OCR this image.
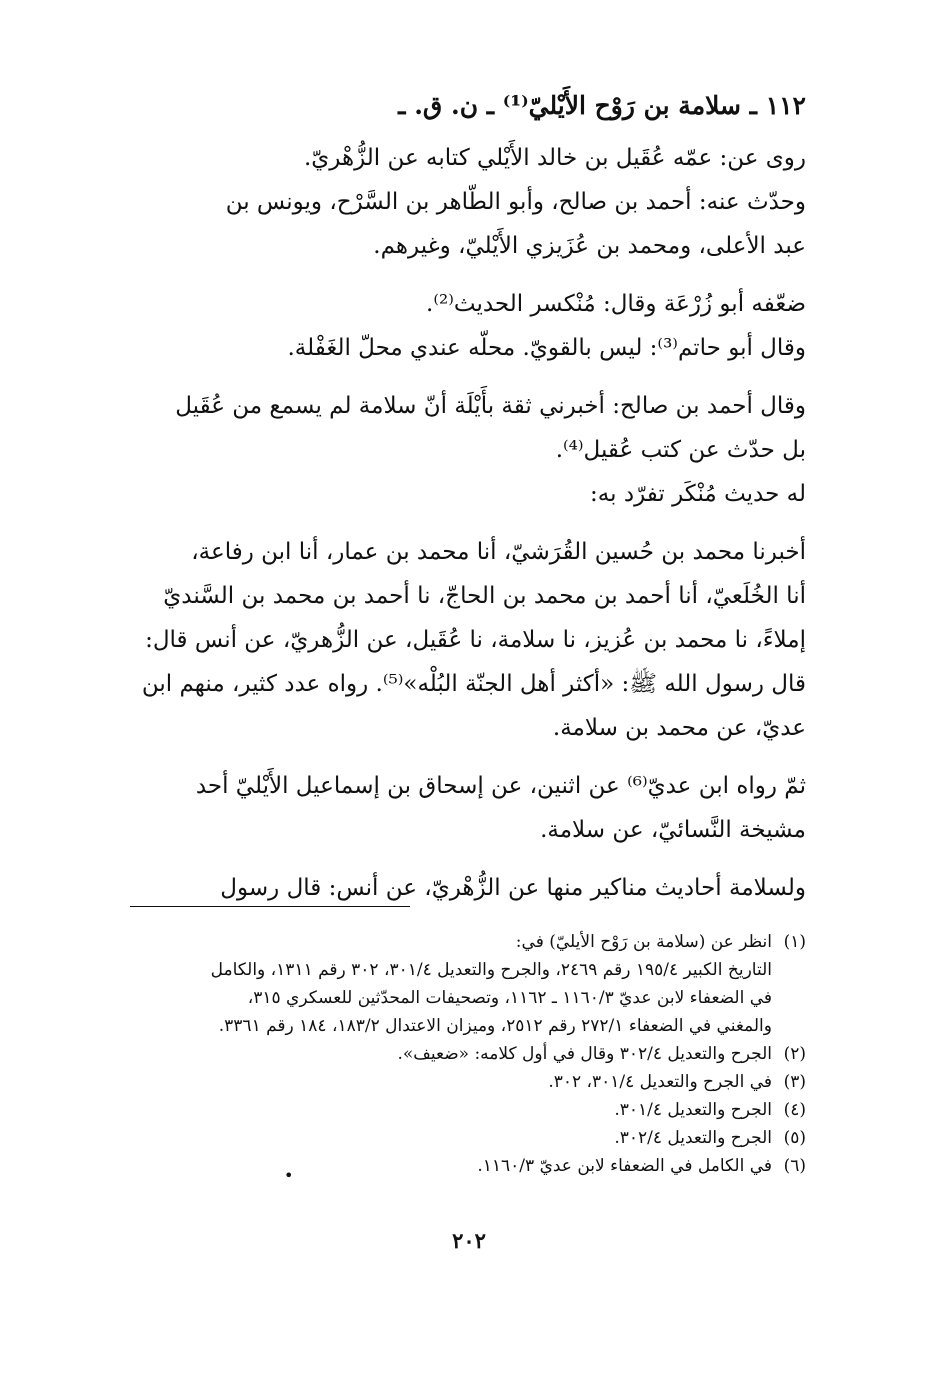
١١٢ ـ سلامة بن رَوْح الأَيْليّ⁽¹⁾ ـ ن. ق. ـ

روى عن: عمّه عُقَيل بن خالد الأَيْلي كتابه عن الزُّهْريّ.
وحدّث عنه: أحمد بن صالح، وأبو الطّاهر بن السَّرْح، ويونس بن
عبد الأعلى، ومحمد بن عُزَيزي الأَيْليّ، وغيرهم.
ضعّفه أبو زُرْعَة وقال: مُنْكسر الحديث⁽²⁾.
وقال أبو حاتم⁽³⁾: ليس بالقويّ. محلّه عندي محلّ الغَفْلة.
وقال أحمد بن صالح: أخبرني ثقة بأَيْلَة أنّ سلامة لم يسمع من عُقَيل
بل حدّث عن كتب عُقيل⁽⁴⁾.
له حديث مُنْكَر تفرّد به:
أخبرنا محمد بن حُسين القُرَشيّ، أنا محمد بن عمار، أنا ابن رفاعة،
أنا الخُلَعيّ، أنا أحمد بن محمد بن الحاجّ، نا أحمد بن محمد بن السَّنديّ
إملاءً، نا محمد بن عُزيز، نا سلامة، نا عُقَيل، عن الزُّهريّ، عن أنس قال:
قال رسول الله ﷺ: «أكثر أهل الجنّة البُلْه»⁽⁵⁾. رواه عدد كثير، منهم ابن
عديّ، عن محمد بن سلامة.
ثمّ رواه ابن عديّ⁽⁶⁾ عن اثنين، عن إسحاق بن إسماعيل الأَيْليّ أحد
مشيخة النَّسائيّ، عن سلامة.
ولسلامة أحاديث مناكير منها عن الزُّهْريّ، عن أنس: قال رسول
(١)

انظر عن (سلامة بن رَوْح الأيليّ) في:

التاريخ الكبير ١٩٥/٤ رقم ٢٤٦٩، والجرح والتعديل ٣٠١/٤، ٣٠٢ رقم ١٣١١، والكامل

في الضعفاء لابن عديّ ١١٦٠/٣ ـ ١١٦٢، وتصحيفات المحدّثين للعسكري ٣١٥،

والمغني في الضعفاء ٢٧٢/١ رقم ٢٥١٢، وميزان الاعتدال ١٨٣/٢، ١٨٤ رقم ٣٣٦١.

(٢)

الجرح والتعديل ٣٠٢/٤ وقال في أول كلامه: «ضعيف».

(٣)

في الجرح والتعديل ٣٠١/٤، ٣٠٢.

(٤)

الجرح والتعديل ٣٠١/٤.

(٥)

الجرح والتعديل ٣٠٢/٤.

(٦)

في الكامل في الضعفاء لابن عديّ ١١٦٠/٣.

•
٢٠٢
